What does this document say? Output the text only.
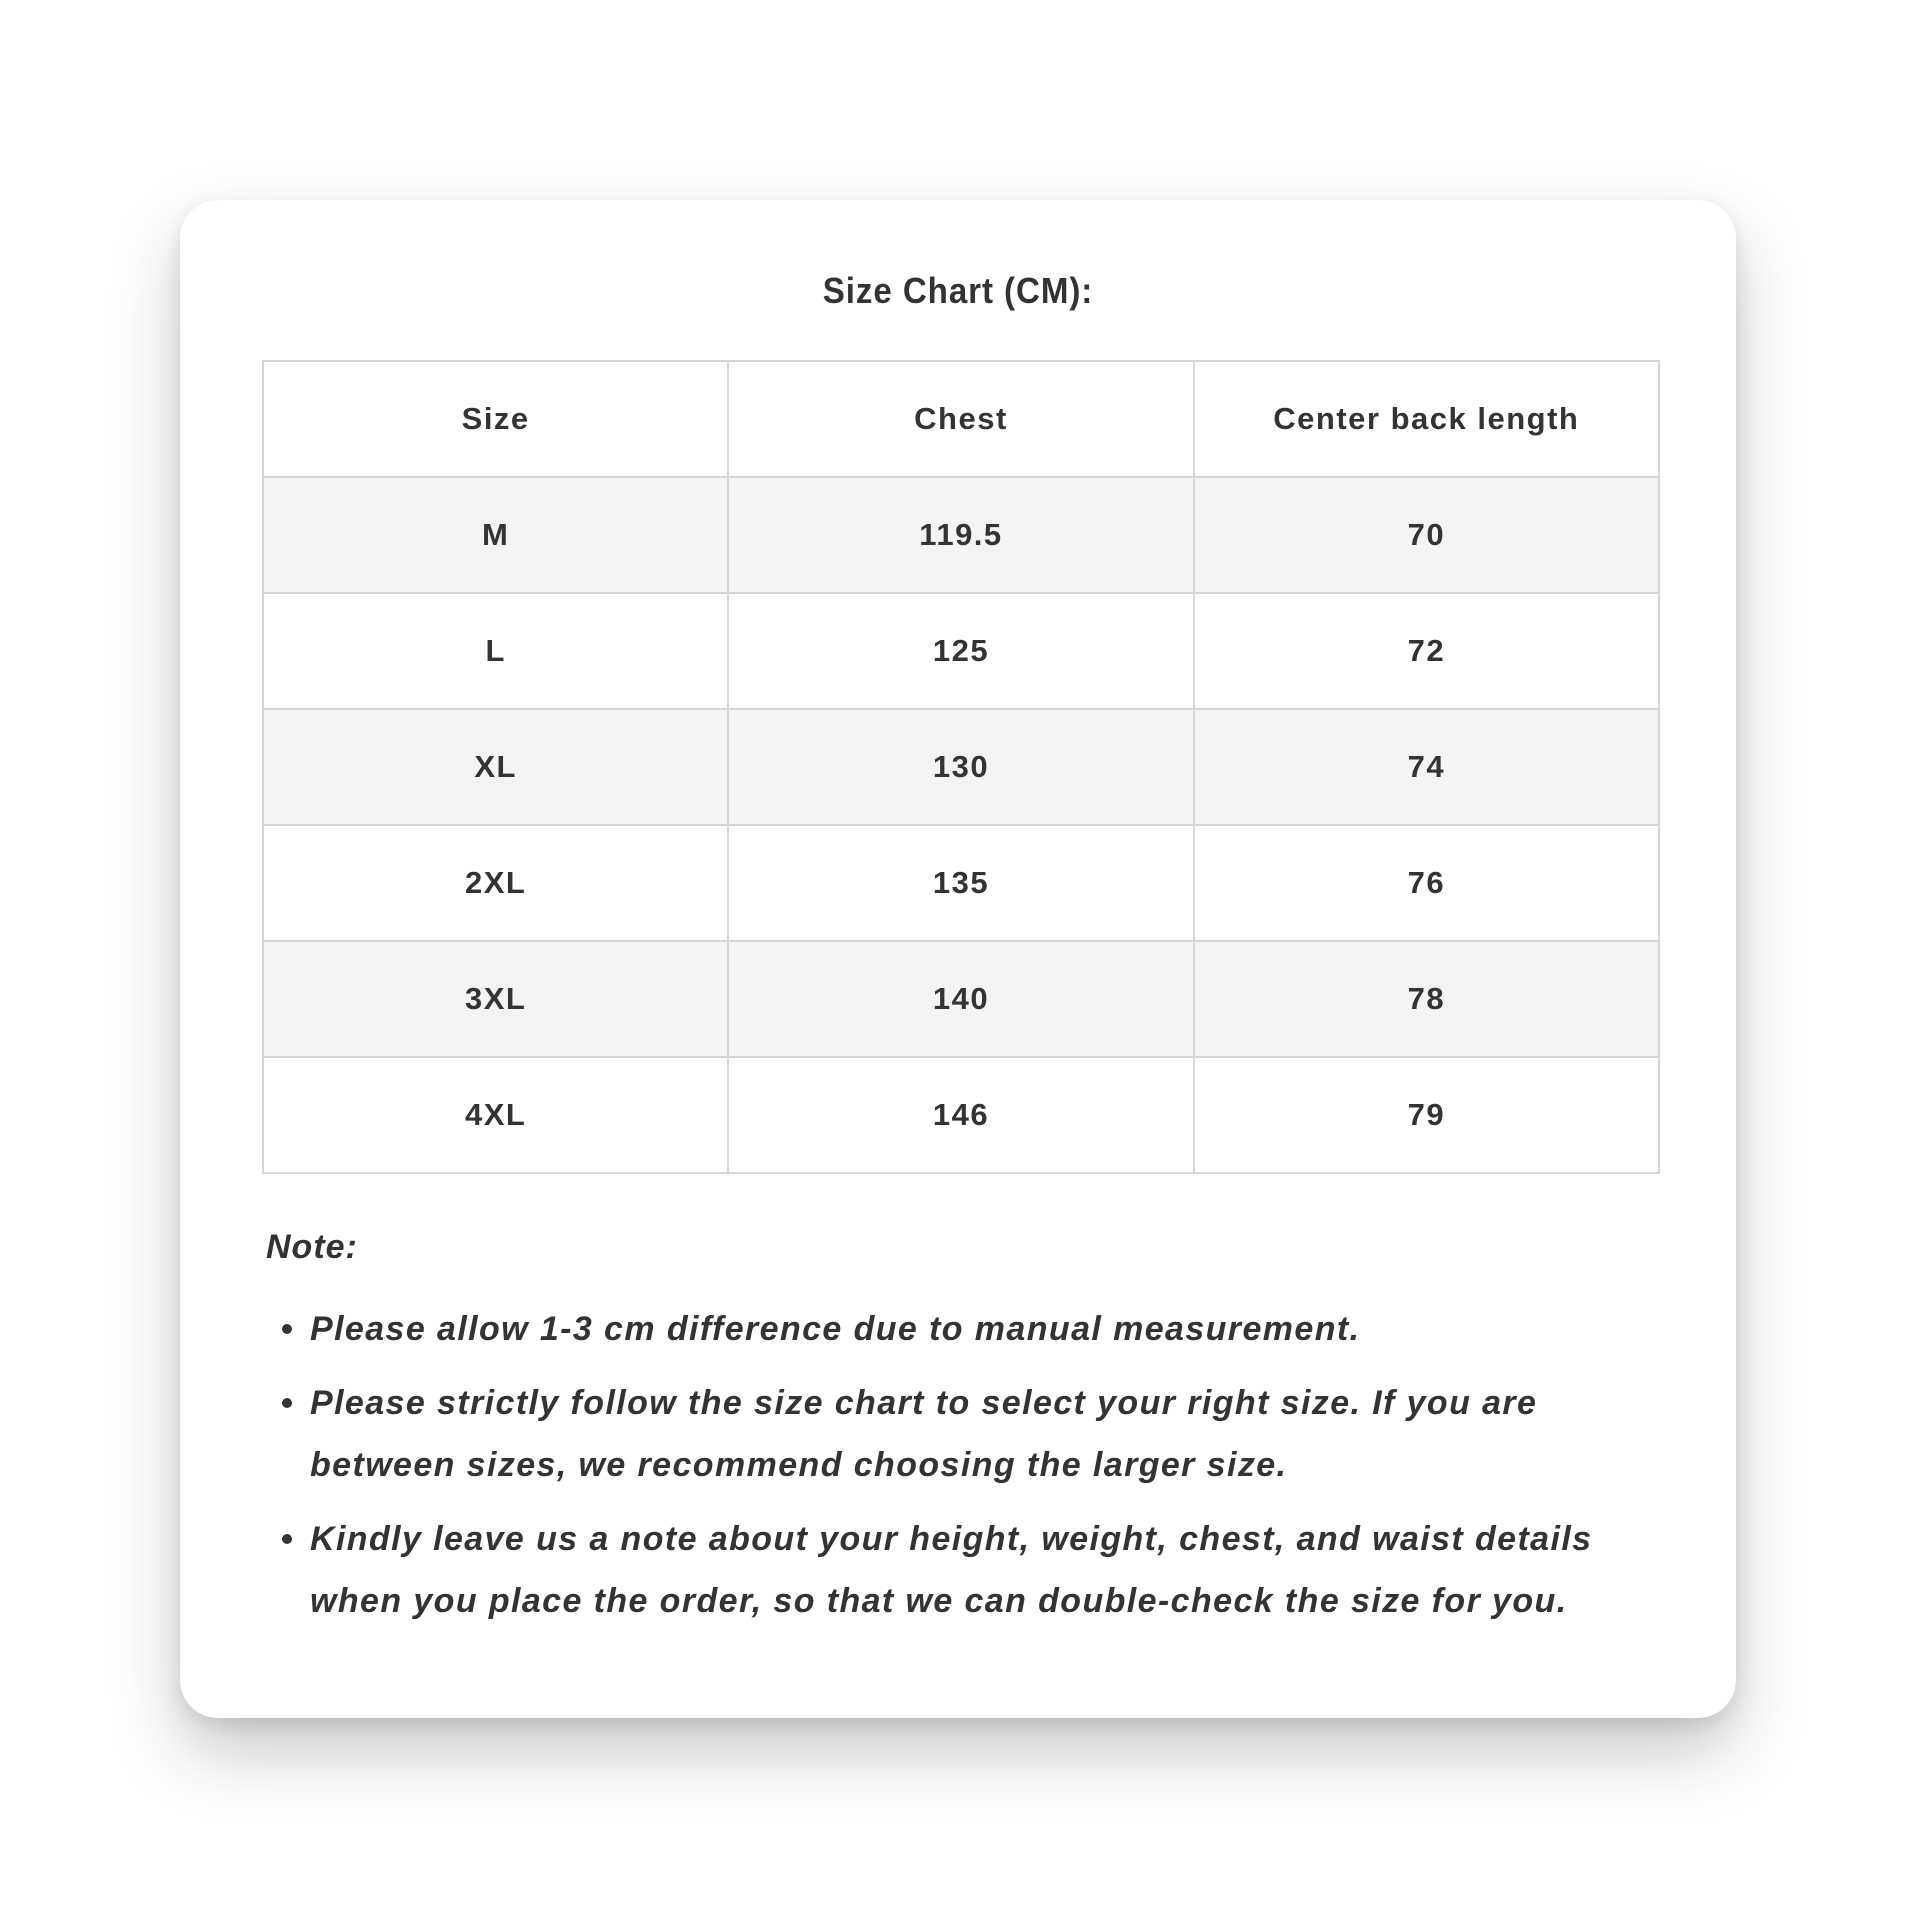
Size Chart (CM):
Size	Chest	Center back length
M	119.5	70
L	125	72
XL	130	74
2XL	135	76
3XL	140	78
4XL	146	79
Note:
Please allow 1-3 cm difference due to manual measurement.
Please strictly follow the size chart to select your right size. If you are between sizes, we recommend choosing the larger size.
Kindly leave us a note about your height, weight, chest, and waist details when you place the order, so that we can double-check the size for you.
